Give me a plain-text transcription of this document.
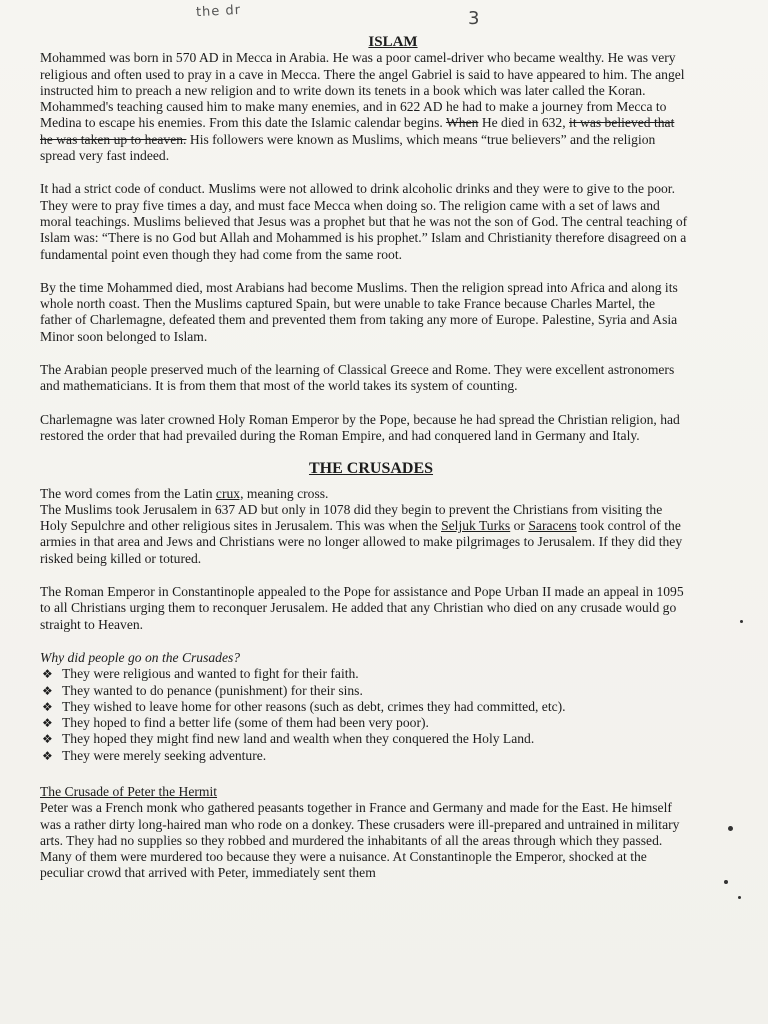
the dr	3
ISLAM

Mohammed was born in 570 AD in Mecca in Arabia. He was a poor camel-driver who became wealthy. He was very religious and often used to pray in a cave in Mecca. There the angel Gabriel is said to have appeared to him. The angel instructed him to preach a new religion and to write down its tenets in a book which was later called the Koran. Mohammed's teaching caused him to make many enemies, and in 622 AD he had to make a journey from Mecca to Medina to escape his enemies. From this date the Islamic calendar begins. When He died in 632, it was believed that he was taken up to heaven. His followers were known as Muslims, which means “true believers” and the religion spread very fast indeed.

It had a strict code of conduct. Muslims were not allowed to drink alcoholic drinks and they were to give to the poor. They were to pray five times a day, and must face Mecca when doing so. The religion came with a set of laws and moral teachings. Muslims believed that Jesus was a prophet but that he was not the son of God. The central teaching of Islam was: “There is no God but Allah and Mohammed is his prophet.” Islam and Christianity therefore disagreed on a fundamental point even though they had come from the same root.

By the time Mohammed died, most Arabians had become Muslims. Then the religion spread into Africa and along its whole north coast. Then the Muslims captured Spain, but were unable to take France because Charles Martel, the father of Charlemagne, defeated them and prevented them from taking any more of Europe. Palestine, Syria and Asia Minor soon belonged to Islam.

The Arabian people preserved much of the learning of Classical Greece and Rome. They were excellent astronomers and mathematicians. It is from them that most of the world takes its system of counting.

Charlemagne was later crowned Holy Roman Emperor by the Pope, because he had spread the Christian religion, had restored the order that had prevailed during the Roman Empire, and had conquered land in Germany and Italy.

THE CRUSADES

The word comes from the Latin crux, meaning cross.

The Muslims took Jerusalem in 637 AD but only in 1078 did they begin to prevent the Christians from visiting the Holy Sepulchre and other religious sites in Jerusalem. This was when the Seljuk Turks or Saracens took control of the armies in that area and Jews and Christians were no longer allowed to make pilgrimages to Jerusalem. If they did they risked being killed or totured.

The Roman Emperor in Constantinople appealed to the Pope for assistance and Pope Urban II made an appeal in 1095 to all Christians urging them to reconquer Jerusalem. He added that any Christian who died on any crusade would go straight to Heaven.

Why did people go on the Crusades?
❖ They were religious and wanted to fight for their faith.
❖ They wanted to do penance (punishment) for their sins.
❖ They wished to leave home for other reasons (such as debt, crimes they had committed, etc).
❖ They hoped to find a better life (some of them had been very poor).
❖ They hoped they might find new land and wealth when they conquered the Holy Land.
❖ They were merely seeking adventure.
The Crusade of Peter the Hermit

Peter was a French monk who gathered peasants together in France and Germany and made for the East. He himself was a rather dirty long-haired man who rode on a donkey. These crusaders were ill-prepared and untrained in military arts. They had no supplies so they robbed and murdered the inhabitants of all the areas through which they passed. Many of them were murdered too because they were a nuisance. At Constantinople the Emperor, shocked at the peculiar crowd that arrived with Peter, immediately sent them
